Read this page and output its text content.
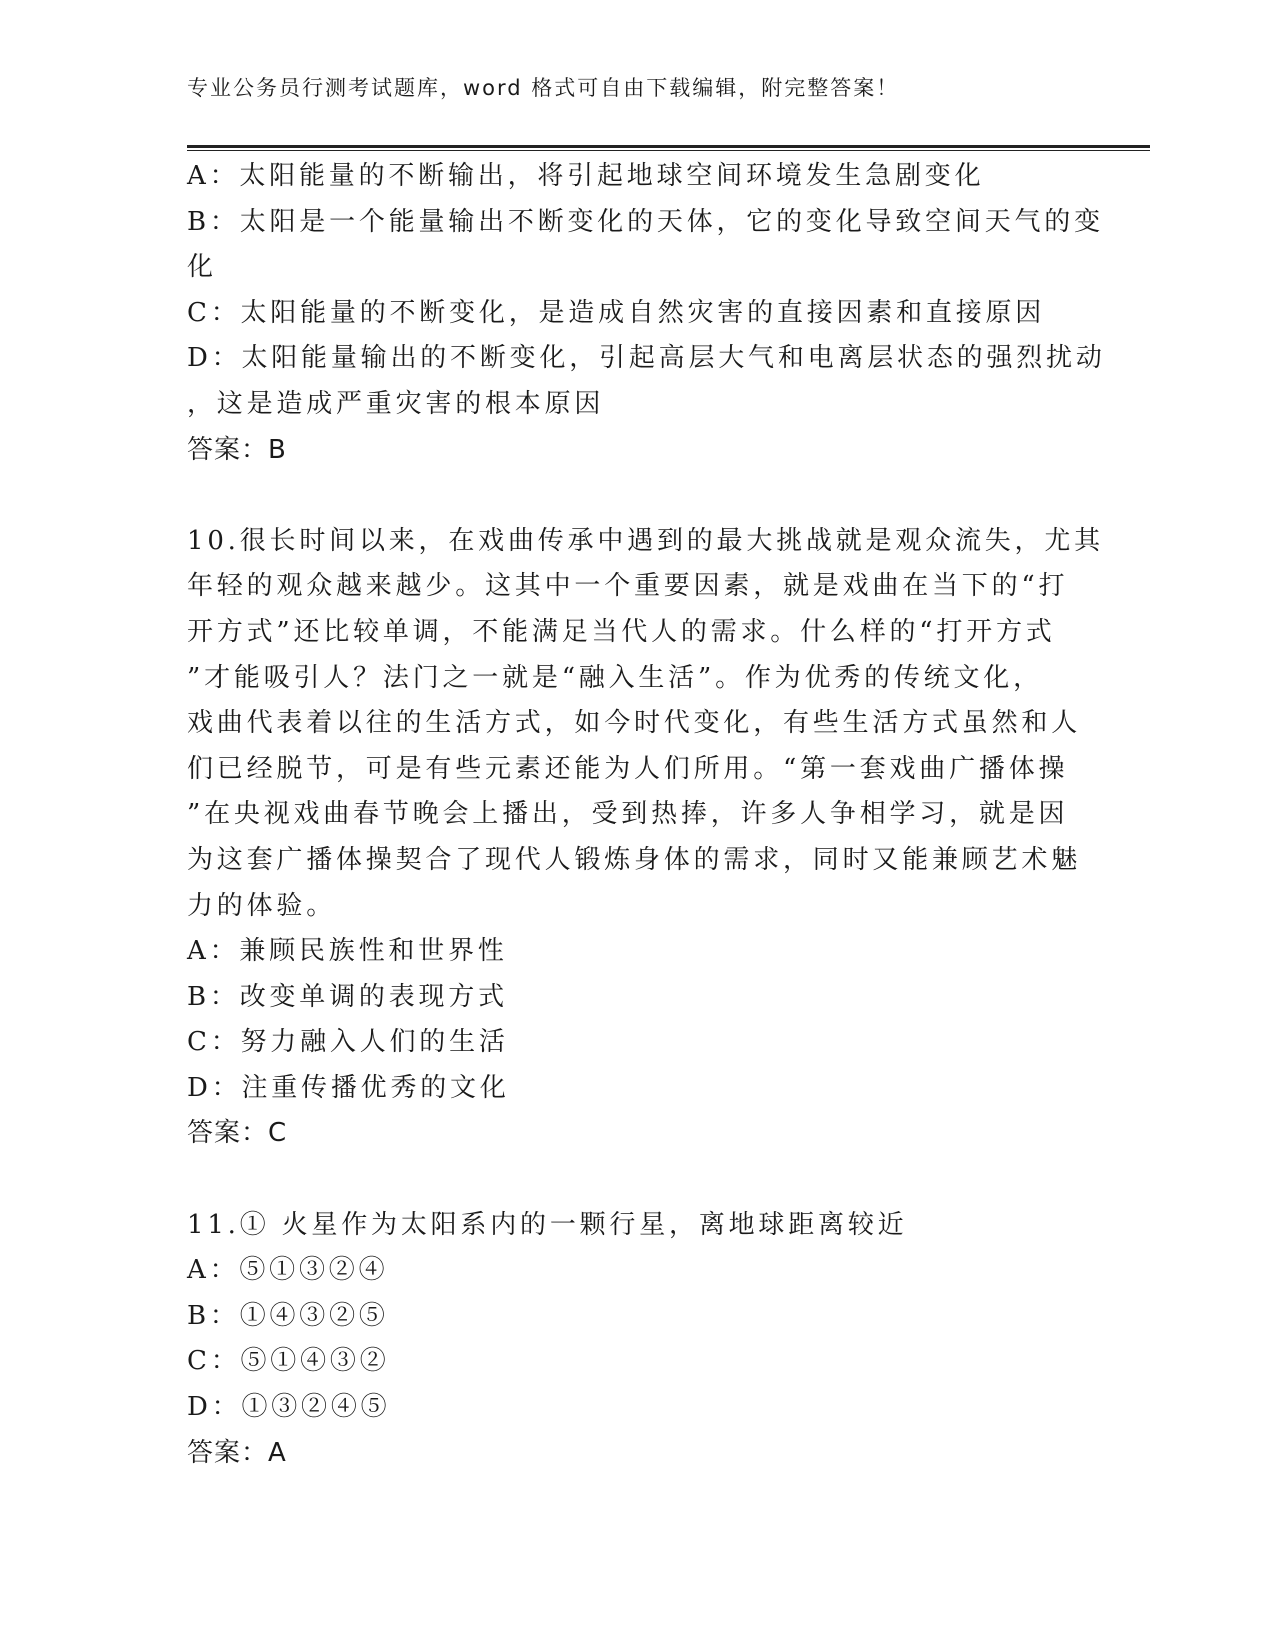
专业公务员行测考试题库，word 格式可自由下载编辑，附完整答案！
A：太阳能量的不断输出，将引起地球空间环境发生急剧变化
B：太阳是一个能量输出不断变化的天体，它的变化导致空间天气的变
化
C：太阳能量的不断变化，是造成自然灾害的直接因素和直接原因
D：太阳能量输出的不断变化，引起高层大气和电离层状态的强烈扰动
，这是造成严重灾害的根本原因
答案：B
10.很长时间以来，在戏曲传承中遇到的最大挑战就是观众流失，尤其
年轻的观众越来越少。这其中一个重要因素，就是戏曲在当下的“打
开方式”还比较单调，不能满足当代人的需求。什么样的“打开方式
”才能吸引人？法门之一就是“融入生活”。作为优秀的传统文化，
戏曲代表着以往的生活方式，如今时代变化，有些生活方式虽然和人
们已经脱节，可是有些元素还能为人们所用。“第一套戏曲广播体操
”在央视戏曲春节晚会上播出，受到热捧，许多人争相学习，就是因
为这套广播体操契合了现代人锻炼身体的需求，同时又能兼顾艺术魅
力的体验。
A：兼顾民族性和世界性
B：改变单调的表现方式
C：努力融入人们的生活
D：注重传播优秀的文化
答案：C
11.① 火星作为太阳系内的一颗行星，离地球距离较近
A：⑤①③②④
B：①④③②⑤
C：⑤①④③②
D：①③②④⑤
答案：A
